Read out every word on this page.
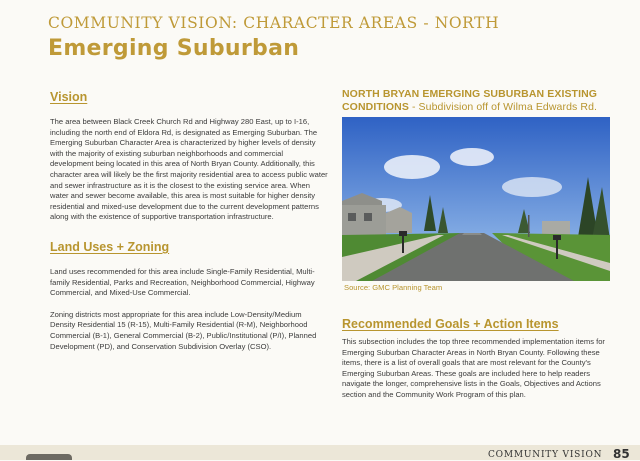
COMMUNITY VISION: CHARACTER AREAS - NORTH
Emerging Suburban
Vision

The area between Black Creek Church Rd and Highway 280 East, up to I-16, including the north end of Eldora Rd, is designated as Emerging Suburban. The Emerging Suburban Character Area is characterized by higher levels of density with the majority of existing suburban neighborhoods and commercial development being located in this area of North Bryan County. Additionally, this character area will likely be the first majority residential area to access public water and sewer infrastructure as it is the closest to the existing service area. When water and sewer become available, this area is most suitable for higher density residential and mixed-use development due to the current development patterns along with the existence of supportive transportation infrastructure.

Land Uses + Zoning

Land uses recommended for this area include Single-Family Residential, Multi-family Residential, Parks and Recreation, Neighborhood Commercial, Highway Commercial, and Mixed-Use Commercial.

Zoning districts most appropriate for this area include Low-Density/Medium Density Residential 15 (R-15), Multi-Family Residential (R-M), Neighborhood Commercial (B-1), General Commercial (B-2), Public/Institutional (P/I), Planned Development (PD), and Conservation Subdivision Overlay (CSO).

NORTH BRYAN EMERGING SUBURBAN EXISTING CONDITIONS - Subdivision off of Wilma Edwards Rd.
Source: GMC Planning Team
Recommended Goals + Action Items

This subsection includes the top three recommended implementation items for Emerging Suburban Character Areas in North Bryan County. Following these items, there is a list of overall goals that are most relevant for the County's Emerging Suburban Areas. These goals are included here to help readers navigate the longer, comprehensive lists in the Goals, Objectives and Actions section and the Community Work Program of this plan.

COMMUNITY VISION 85
